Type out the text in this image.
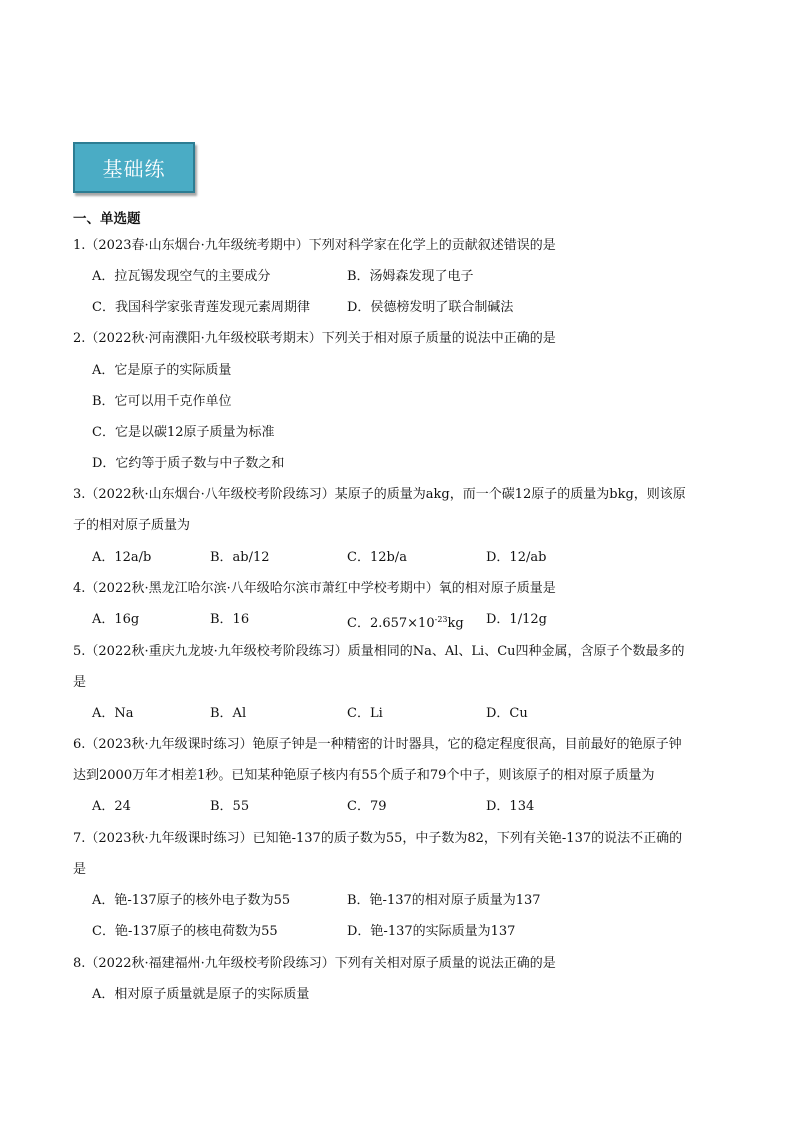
基础练
一、单选题
1.（2023春·山东烟台·九年级统考期中）下列对科学家在化学上的贡献叙述错误的是
A．拉瓦锡发现空气的主要成分	B．汤姆森发现了电子
C．我国科学家张青莲发现元素周期律	D．侯德榜发明了联合制碱法
2.（2022秋·河南濮阳·九年级校联考期末）下列关于相对原子质量的说法中正确的是
A．它是原子的实际质量
B．它可以用千克作单位
C．它是以碳12原子质量为标准
D．它约等于质子数与中子数之和
3.（2022秋·山东烟台·八年级校考阶段练习）某原子的质量为akg，而一个碳12原子的质量为bkg，则该原
子的相对原子质量为
A．12a/b	B．ab/12	C．12b/a	D．12/ab
4.（2022秋·黑龙江哈尔滨·八年级哈尔滨市萧红中学校考期中）氧的相对原子质量是
A．16g	B．16	C．$2.657\times 10^{-23}kg$ D．1/12g
5.（2022秋·重庆九龙坡·九年级校考阶段练习）质量相同的Na、Al、Li、Cu四种金属，含原子个数最多的
是
A．Na	B．Al	C．Li	D．Cu
6.（2023秋·九年级课时练习）铯原子钟是一种精密的计时器具，它的稳定程度很高，目前最好的铯原子钟
达到2000万年才相差1秒。已知某种铯原子核内有55个质子和79个中子，则该原子的相对原子质量为
A．24	B．55	C．79	D．134
7.（2023秋·九年级课时练习）已知铯-137的质子数为55，中子数为82，下列有关铯-137的说法不正确的
是
A．铯-137原子的核外电子数为55	B．铯-137的相对原子质量为137
C．铯-137原子的核电荷数为55	D．铯-137的实际质量为137
8.（2022秋·福建福州·九年级校考阶段练习）下列有关相对原子质量的说法正确的是
A．相对原子质量就是原子的实际质量
